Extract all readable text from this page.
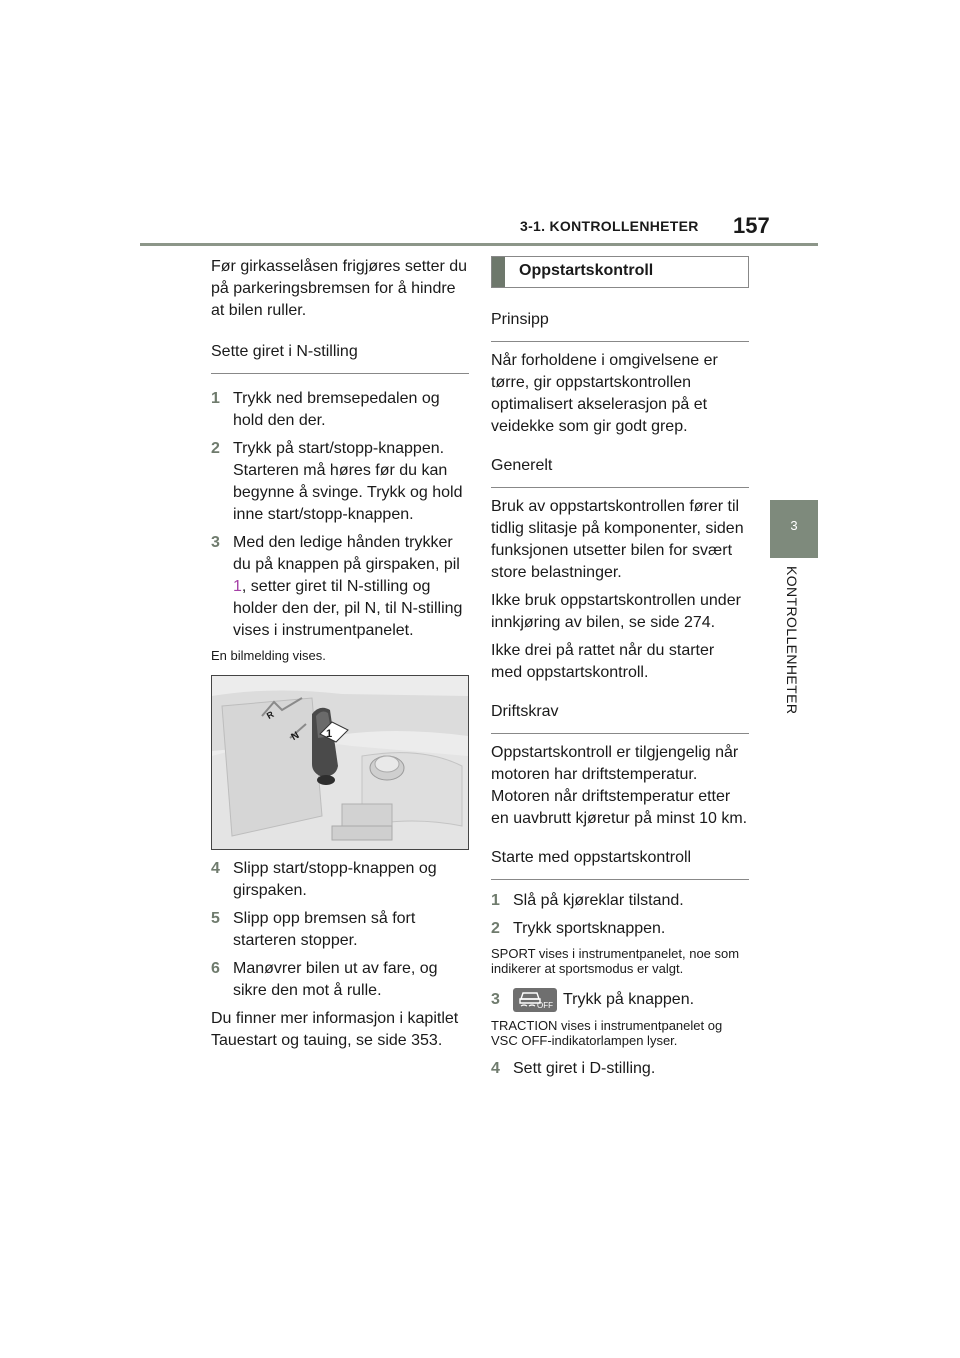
3-1. KONTROLLENHETER 157
3
KONTROLLENHETER

Før girkasselåsen frigjøres setter du på parkeringsbremsen for å hindre at bilen ruller.

Sette giret i N-stilling
1 Trykk ned bremsepedalen og hold den der.
2 Trykk på start/stopp-knappen. Starteren må høres før du kan begynne å svinge. Trykk og hold inne start/stopp-knappen.
3 Med den ledige hånden trykker du på knappen på girspaken, pil 1, setter giret til N-stilling og holder den der, pil N, til N-stilling vises i instrumentpanelet.

En bilmelding vises.

R
N 1
4 Slipp start/stopp-knappen og girspaken.
5 Slipp opp bremsen så fort starteren stopper.
6 Manøvrer bilen ut av fare, og sikre den mot å rulle.

Du finner mer informasjon i kapitlet Tauestart og tauing, se side 353.

Oppstartskontroll
Prinsipp

Når forholdene i omgivelsene er tørre, gir oppstartskontrollen optimalisert akselerasjon på et veidekke som gir godt grep.

Generelt

Bruk av oppstartskontrollen fører til tidlig slitasje på komponenter, siden funksjonen utsetter bilen for svært store belastninger.

Ikke bruk oppstartskontrollen under innkjøring av bilen, se side 274.

Ikke drei på rattet når du starter med oppstartskontroll.

Driftskrav

Oppstartskontroll er tilgjengelig når motoren har driftstemperatur. Motoren når driftstemperatur etter en uavbrutt kjøretur på minst 10 km.

Starte med oppstartskontroll
1 Slå på kjøreklar tilstand.
2 Trykk sportsknappen.

SPORT vises i instrumentpanelet, noe som indikerer at sportsmodus er valgt.

3	OFF Trykk på knappen.

TRACTION vises i instrumentpanelet og VSC OFF-indikatorlampen lyser.

4 Sett giret i D-stilling.
